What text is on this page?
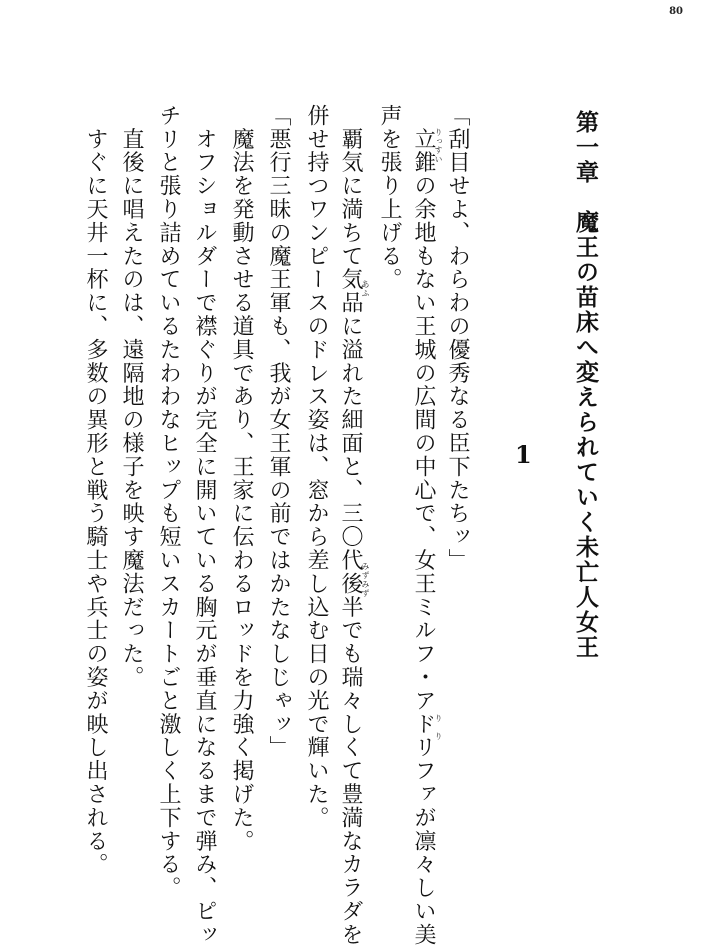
80
第一章　魔王の苗床へ変えられていく未亡人女王
1
「刮目せよ、わらわの優秀なる臣下たちッ」
　立錐の余地もない王城の広間の中心で、女王ミルフ・アドリファが凛々しい美
りっすい
り　り
声を張り上げる。
　覇気に満ちて気品に溢れた細面と、三〇代後半でも瑞々しくて豊満なカラダを
あふ
みずみず
併せ持つワンピースのドレス姿は、窓から差し込む日の光で輝いた。
「悪行三昧の魔王軍も、我が女王軍の前ではかたなしじゃッ」
　魔法を発動させる道具であり、王家に伝わるロッドを力強く掲げた。
　オフショルダーで襟ぐりが完全に開いている胸元が垂直になるまで弾み、ピッ
チリと張り詰めているたわわなヒップも短いスカートごと激しく上下する。
　直後に唱えたのは、遠隔地の様子を映す魔法だった。
　すぐに天井一杯に、多数の異形と戦う騎士や兵士の姿が映し出される。
